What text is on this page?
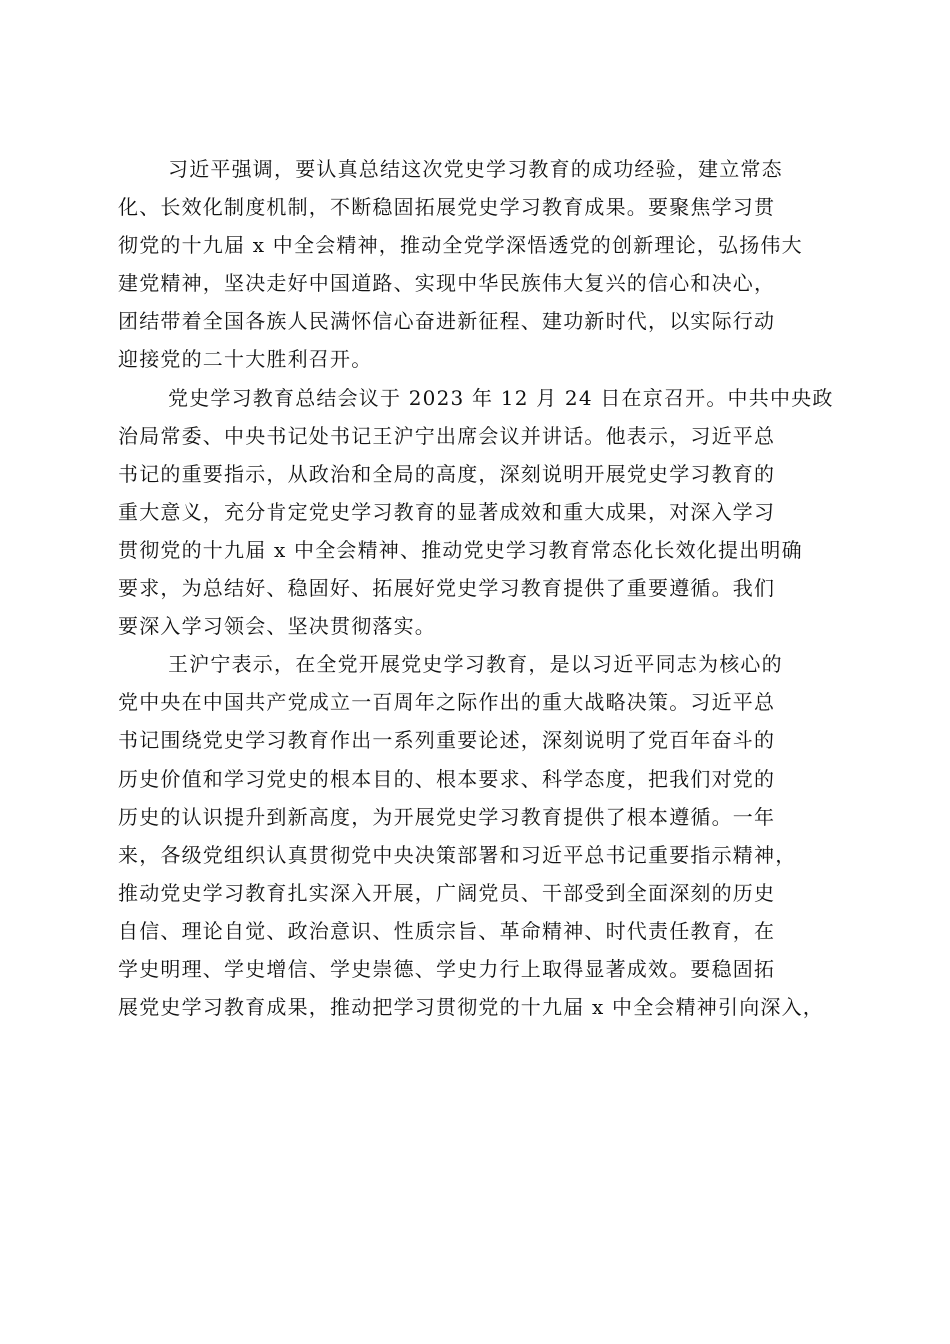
习近平强调，要认真总结这次党史学习教育的成功经验，建立常态
化、长效化制度机制，不断稳固拓展党史学习教育成果。要聚焦学习贯
彻党的十九届 x 中全会精神，推动全党学深悟透党的创新理论，弘扬伟大
建党精神，坚决走好中国道路、实现中华民族伟大复兴的信心和决心，
团结带着全国各族人民满怀信心奋进新征程、建功新时代，以实际行动
迎接党的二十大胜利召开。

党史学习教育总结会议于 2023 年 12 月 24 日在京召开。中共中央政
治局常委、中央书记处书记王沪宁出席会议并讲话。他表示，习近平总
书记的重要指示，从政治和全局的高度，深刻说明开展党史学习教育的
重大意义，充分肯定党史学习教育的显著成效和重大成果，对深入学习
贯彻党的十九届 x 中全会精神、推动党史学习教育常态化长效化提出明确
要求，为总结好、稳固好、拓展好党史学习教育提供了重要遵循。我们
要深入学习领会、坚决贯彻落实。

王沪宁表示，在全党开展党史学习教育，是以习近平同志为核心的
党中央在中国共产党成立一百周年之际作出的重大战略决策。习近平总
书记围绕党史学习教育作出一系列重要论述，深刻说明了党百年奋斗的
历史价值和学习党史的根本目的、根本要求、科学态度，把我们对党的
历史的认识提升到新高度，为开展党史学习教育提供了根本遵循。一年
来，各级党组织认真贯彻党中央决策部署和习近平总书记重要指示精神，
推动党史学习教育扎实深入开展，广阔党员、干部受到全面深刻的历史
自信、理论自觉、政治意识、性质宗旨、革命精神、时代责任教育，在
学史明理、学史增信、学史崇德、学史力行上取得显著成效。要稳固拓
展党史学习教育成果，推动把学习贯彻党的十九届 x 中全会精神引向深入，
